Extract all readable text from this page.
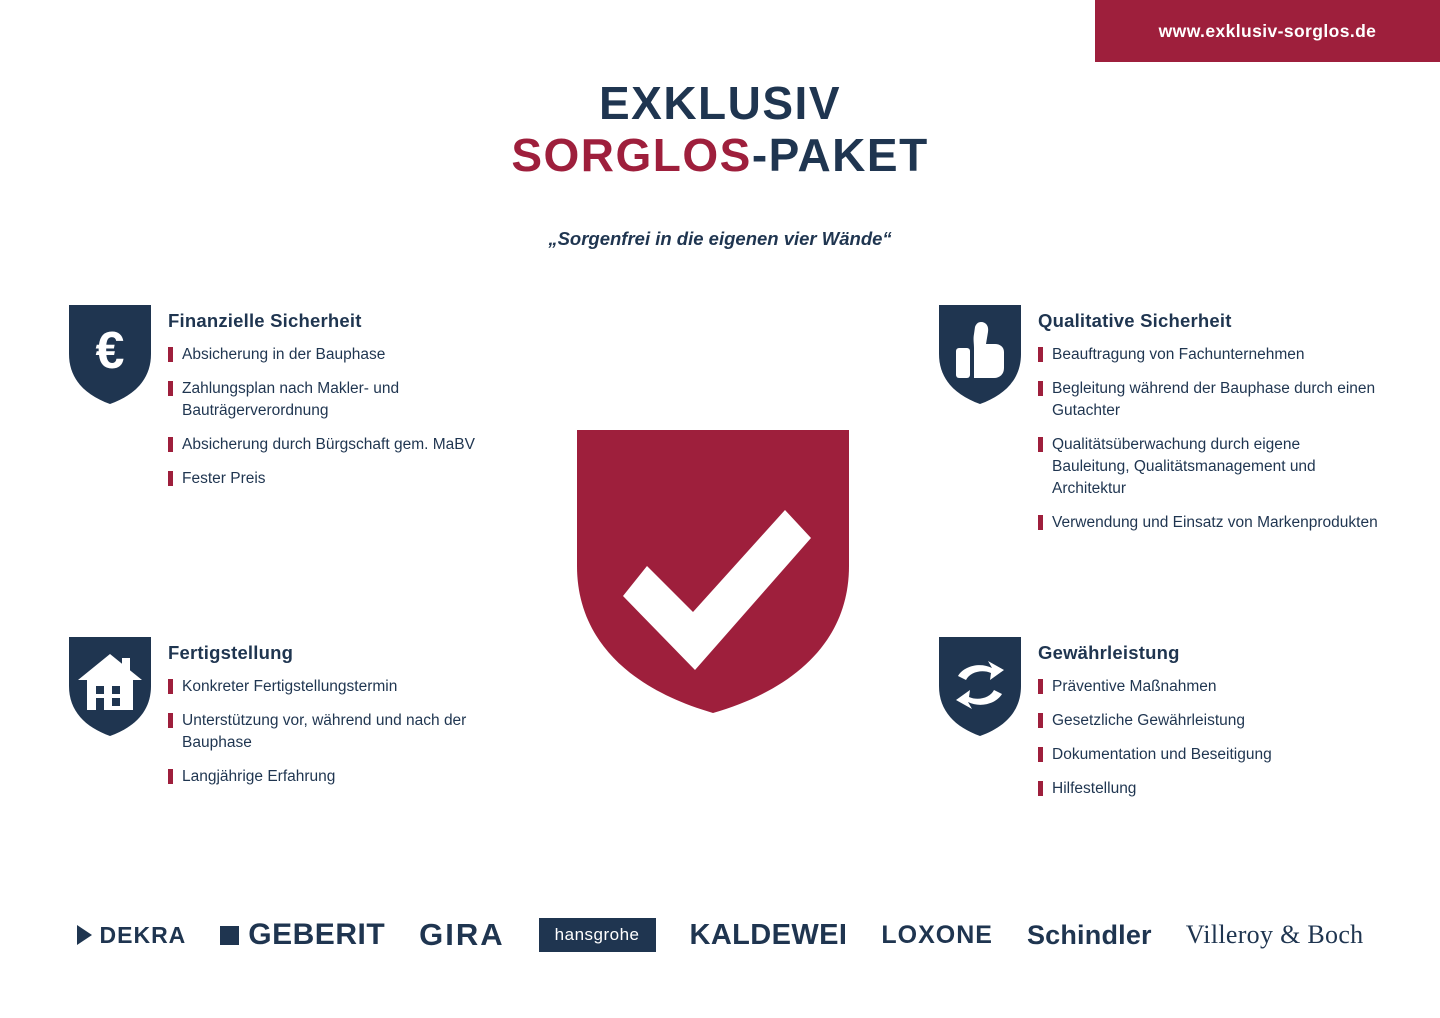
www.exklusiv-sorglos.de
EXKLUSIV
SORGLOS-PAKET
„Sorgenfrei in die eigenen vier Wände“
€
Finanzielle Sicherheit
Absicherung in der Bauphase
Zahlungsplan nach Makler- und Bauträgerverordnung
Absicherung durch Bürgschaft gem. MaBV
Fester Preis
Qualitative Sicherheit
Beauftragung von Fachunternehmen
Begleitung während der Bauphase durch einen Gutachter
Qualitätsüberwachung durch eigene Bauleitung, Qualitätsmanagement und Architektur
Verwendung und Einsatz von Markenprodukten
Fertigstellung
Konkreter Fertigstellungstermin
Unterstützung vor, während und nach der Bauphase
Langjährige Erfahrung
Gewährleistung
Präventive Maßnahmen
Gesetzliche Gewährleistung
Dokumentation und Beseitigung
Hilfestellung
DEKRA GEBERIT GIRA	hansgrohe KALDEWEI LOXONE Schindler Villeroy & Boch
